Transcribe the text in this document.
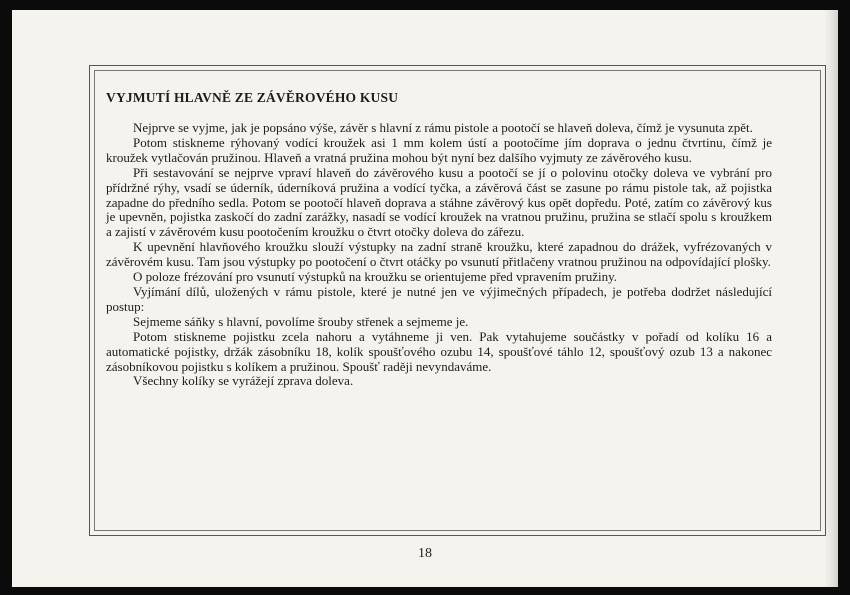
18
VYJMUTÍ HLAVNĚ ZE ZÁVĚROVÉHO KUSU

Nejprve se vyjme, jak je popsáno výše, závěr s hlavní z rámu pistole a pootočí se hlaveň doleva, čímž je vysunuta zpět.

Potom stiskneme rýhovaný vodící kroužek asi 1 mm kolem ústí a pootočíme jím doprava o jednu čtvrtinu, čímž je kroužek vytlačován pružinou. Hlaveň a vratná pružina mohou být nyní bez dalšího vyjmuty ze závěrového kusu.

Při sestavování se nejprve vpraví hlaveň do závěrového kusu a pootočí se jí o polovinu otočky doleva ve vybrání pro přídržné rýhy, vsadí se úderník, úderníková pružina a vodící tyčka, a závěrová část se zasune po rámu pistole tak, až pojistka zapadne do předního sedla. Potom se pootočí hlaveň doprava a stáhne závěrový kus opět dopředu. Poté, zatím co závěrový kus je upevněn, pojistka zaskočí do zadní zarážky, nasadí se vodící kroužek na vratnou pružinu, pružina se stlačí spolu s kroužkem a zajistí v závěrovém kusu pootočením kroužku o čtvrt otočky doleva do zářezu.

K upevnění hlavňového kroužku slouží výstupky na zadní straně kroužku, které zapadnou do drážek, vyfrézovaných v závěrovém kusu. Tam jsou výstupky po pootočení o čtvrt otáčky po vsunutí přitlačeny vratnou pružinou na odpovídající plošky.

O poloze frézování pro vsunutí výstupků na kroužku se orientujeme před vpravením pružiny.

Vyjímání dílů, uložených v rámu pistole, které je nutné jen ve výjimečných případech, je potřeba dodržet následující postup:

Sejmeme sáňky s hlavní, povolíme šrouby střenek a sejmeme je.

Potom stiskneme pojistku zcela nahoru a vytáhneme ji ven. Pak vytahujeme součástky v pořadí od kolíku 16 a automatické pojistky, držák zásobníku 18, kolík spoušťového ozubu 14, spoušťové táhlo 12, spoušťový ozub 13 a nakonec zásobníkovou pojistku s kolíkem a pružinou. Spoušť raději nevyndaváme.

Všechny kolíky se vyrážejí zprava doleva.
